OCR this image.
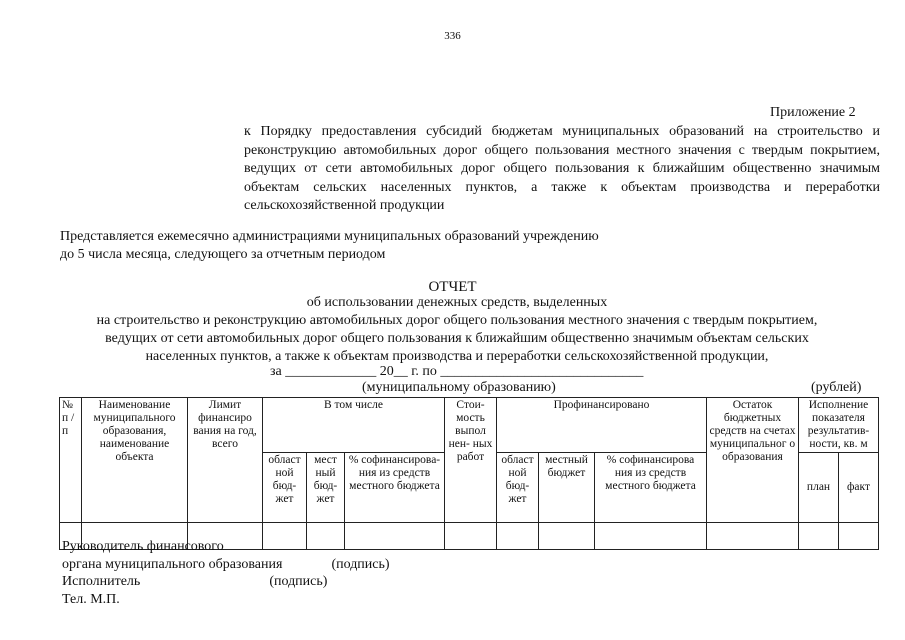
336
Приложение 2
к Порядку предоставления субсидий бюджетам муниципальных образований на строительство и реконструкцию автомобильных дорог общего пользования местного значения с твердым покрытием, ведущих от сети автомобильных дорог общего пользования к ближайшим общественно значимым объектам сельских населенных пунктов, а также к объектам производства и переработки сельскохозяйственной продукции
Представляется ежемесячно администрациями муниципальных образований учреждению
до 5 числа месяца, следующего за отчетным периодом
ОТЧЕТ
об использовании денежных средств, выделенных
на строительство и реконструкцию автомобильных дорог общего пользования местного значения с твердым покрытием,
ведущих от сети автомобильных дорог общего пользования к ближайшим общественно значимым объектам сельских
населенных пунктов, а также к объектам производства и переработки сельскохозяйственной продукции,
за _____________ 20__ г. по _____________________________
(муниципальному образованию)	(рублей)
№ п / п	Наименование муниципального образования, наименование объекта	Лимит финансиро вания на год, всего	В том числе			Стои- мость выпол нен- ных работ	Профинансировано			Остаток бюджетных средств на счетах муниципальног о образования	Исполнение показателя результатив- ности, кв. м	
			област ной бюд- жет	мест ный бюд- жет	% софинансирова- ния из средств местного бюджета		област ной бюд- жет	местный бюджет	% софинансирова ния из средств местного бюджета		план	факт

Руководитель финансового
органа муниципального образования	(подпись)
Исполнитель	(подпись)
Тел. М.П.
